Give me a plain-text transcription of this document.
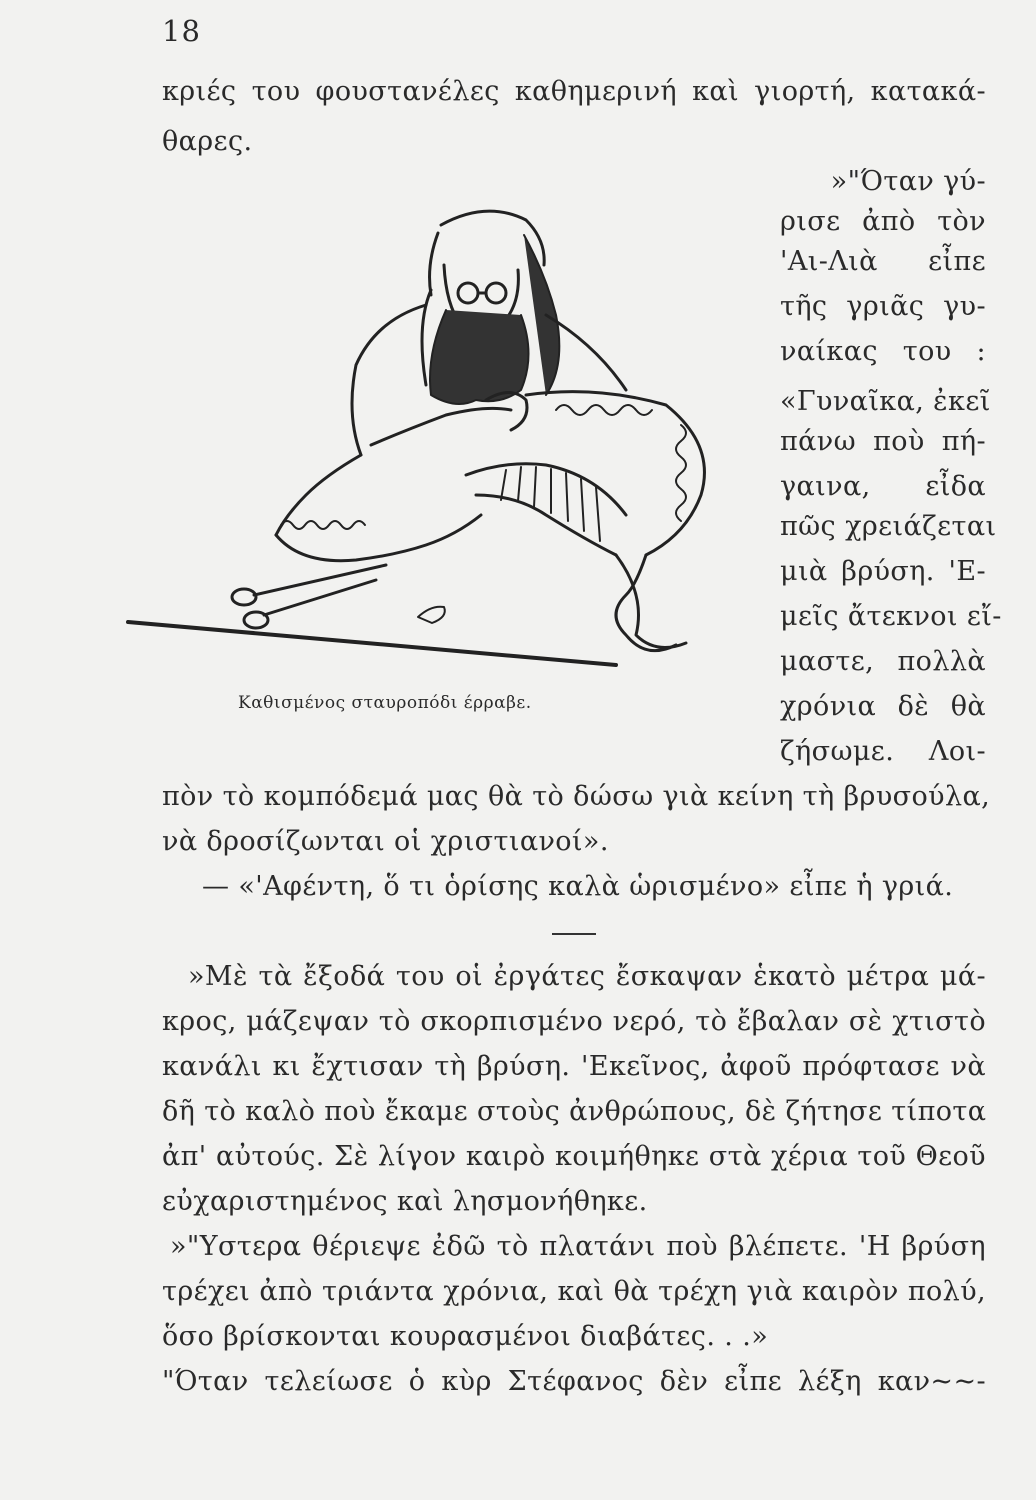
18
κριές του φουστανέλες καθημερινή καὶ γιορτή, κατακά-
θαρες.
»"Όταν γύ-
ρισε ἀπὸ τὸν
'Αι-Λιὰ εἶπε
τῆς γριᾶς γυ-
ναίκας του :
«Γυναῖκα, ἐκεῖ
πάνω ποὺ πή-
γαινα, εἶδα
πῶς χρειάζεται
μιὰ βρύση. 'Ε-
μεῖς ἄτεκνοι εἴ-
μαστε, πολλὰ
χρόνια δὲ θὰ
ζήσωμε. Λοι-
Καθισμένος σταυροπόδι έρραβε.
πὸν τὸ κομπόδεμά μας θὰ τὸ δώσω γιὰ κείνη τὴ βρυσούλα,
νὰ δροσίζωνται οἱ χριστιανοί».
— «'Αφέντη, ὅ τι ὁρίσης καλὰ ὡρισμένο» εἶπε ἡ γριά.
»Μὲ τὰ ἔξοδά του οἱ ἐργάτες ἔσκαψαν ἑκατὸ μέτρα μά-
κρος, μάζεψαν τὸ σκορπισμένο νερό, τὸ ἔβαλαν σὲ χτιστὸ
κανάλι κι ἔχτισαν τὴ βρύση. 'Εκεῖνος, ἀφοῦ πρόφτασε νὰ
δῆ τὸ καλὸ ποὺ ἔκαμε στοὺς ἀνθρώπους, δὲ ζήτησε τίποτα
ἀπ' αὐτούς. Σὲ λίγον καιρὸ κοιμήθηκε στὰ χέρια τοῦ Θεοῦ
εὐχαριστημένος καὶ λησμονήθηκε.
»"Υστερα θέριεψε ἐδῶ τὸ πλατάνι ποὺ βλέπετε. 'Η βρύση
τρέχει ἀπὸ τριάντα χρόνια, καὶ θὰ τρέχη γιὰ καιρὸν πολύ,
ὅσο βρίσκονται κουρασμένοι διαβάτες. . .»
"Όταν τελείωσε ὁ κὺρ Στέφανος δὲν εἶπε λέξη καν~~-
